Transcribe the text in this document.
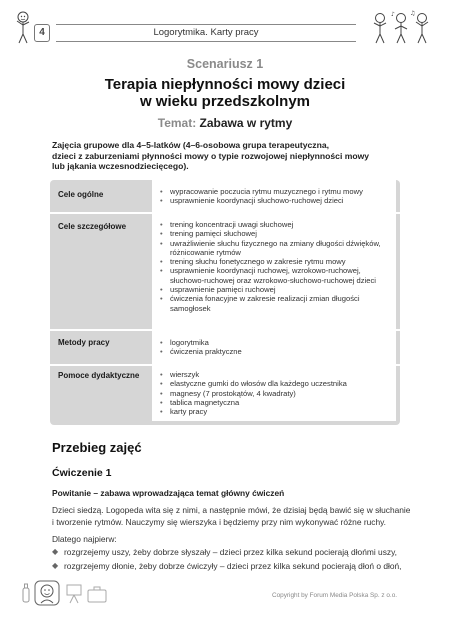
4	Logorytmika. Karty pracy
♪	♫
Scenariusz 1
Terapia niepłynności mowy dzieci
w wieku przedszkolnym
Temat: Zabawa w rytmy
Zajęcia grupowe dla 4–5-latków (4–6-osobowa grupa terapeutyczna,
dzieci z zaburzeniami płynności mowy o typie rozwojowej niepłynności mowy
lub jąkania wczesnodziecięcego).
Cele ogólne	• wypracowanie poczucia rytmu muzycznego i rytmu mowy
• usprawnienie koordynacji słuchowo-ruchowej dzieci
Cele szczegółowe	• trening koncentracji uwagi słuchowej
• trening pamięci słuchowej
• uwrażliwienie słuchu fizycznego na zmiany długości dźwięków, różnicowanie rytmów
• trening słuchu fonetycznego w zakresie rytmu mowy
• usprawnienie koordynacji ruchowej, wzrokowo-ruchowej, słuchowo-ruchowej oraz wzrokowo-słuchowo-ruchowej dzieci
• usprawnienie pamięci ruchowej
• ćwiczenia fonacyjne w zakresie realizacji zmian długości samogłosek
Metody pracy	• logorytmika
• ćwiczenia praktyczne
Pomoce dydaktyczne	• wierszyk
• elastyczne gumki do włosów dla każdego uczestnika
• magnesy (7 prostokątów, 4 kwadraty)
• tablica magnetyczna
• karty pracy
Przebieg zajęć
Ćwiczenie 1
Powitanie – zabawa wprowadzająca temat główny ćwiczeń
Dzieci siedzą. Logopeda wita się z nimi, a następnie mówi, że dzisiaj będą bawić się w słuchanie
i tworzenie rytmów. Nauczymy się wierszyka i będziemy przy nim wykonywać różne ruchy.
Dlatego najpierw:
◆ rozgrzejemy uszy, żeby dobrze słyszały – dzieci przez kilka sekund pocierają dłońmi uszy,
◆ rozgrzejemy dłonie, żeby dobrze ćwiczyły – dzieci przez kilka sekund pocierają dłoń o dłoń,
Copyright by Forum Media Polska Sp. z o.o.
